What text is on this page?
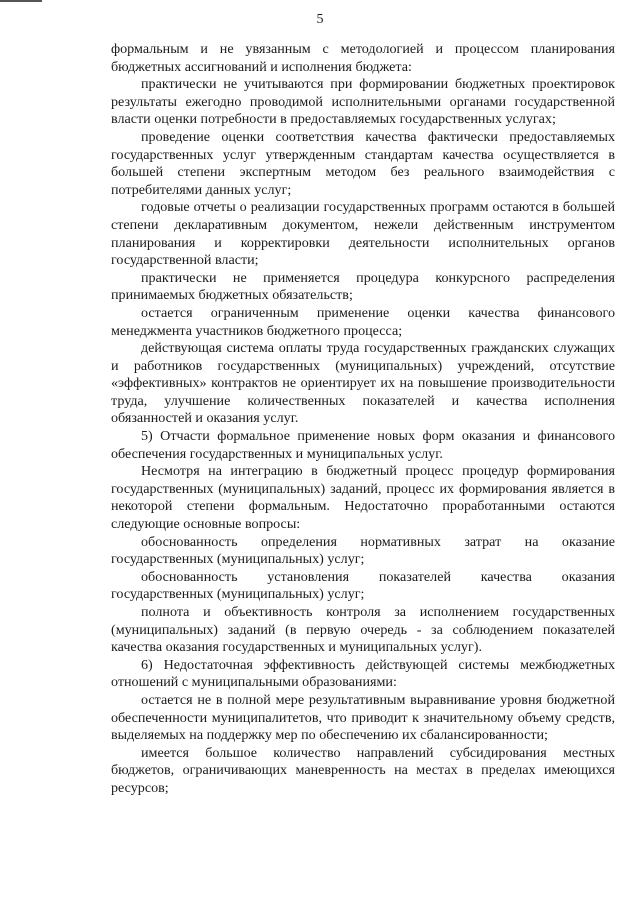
5

формальным и не увязанным с методологией и процессом планирования бюджетных ассигнований и исполнения бюджета:

практически не учитываются при формировании бюджетных проектировок результаты ежегодно проводимой исполнительными органами государственной власти оценки потребности в предоставляемых государственных услугах;

проведение оценки соответствия качества фактически предоставляемых государственных услуг утвержденным стандартам качества осуществляется в большей степени экспертным методом без реального взаимодействия с потребителями данных услуг;

годовые отчеты о реализации государственных программ остаются в большей степени декларативным документом, нежели действенным инструментом планирования и корректировки деятельности исполнительных органов государственной власти;

практически не применяется процедура конкурсного распределения принимаемых бюджетных обязательств;

остается ограниченным применение оценки качества финансового менеджмента участников бюджетного процесса;

действующая система оплаты труда государственных гражданских служащих и работников государственных (муниципальных) учреждений, отсутствие «эффективных» контрактов не ориентирует их на повышение производительности труда, улучшение количественных показателей и качества исполнения обязанностей и оказания услуг.

5) Отчасти формальное применение новых форм оказания и финансового обеспечения государственных и муниципальных услуг.

Несмотря на интеграцию в бюджетный процесс процедур формирования государственных (муниципальных) заданий, процесс их формирования является в некоторой степени формальным. Недостаточно проработанными остаются следующие основные вопросы:

обоснованность определения нормативных затрат на оказание государственных (муниципальных) услуг;

обоснованность установления показателей качества оказания государственных (муниципальных) услуг;

полнота и объективность контроля за исполнением государственных (муниципальных) заданий (в первую очередь - за соблюдением показателей качества оказания государственных и муниципальных услуг).

6) Недостаточная эффективность действующей системы межбюджетных отношений с муниципальными образованиями:

остается не в полной мере результативным выравнивание уровня бюджетной обеспеченности муниципалитетов, что приводит к значительному объему средств, выделяемых на поддержку мер по обеспечению их сбалансированности;

имеется большое количество направлений субсидирования местных бюджетов, ограничивающих маневренность на местах в пределах имеющихся ресурсов;
